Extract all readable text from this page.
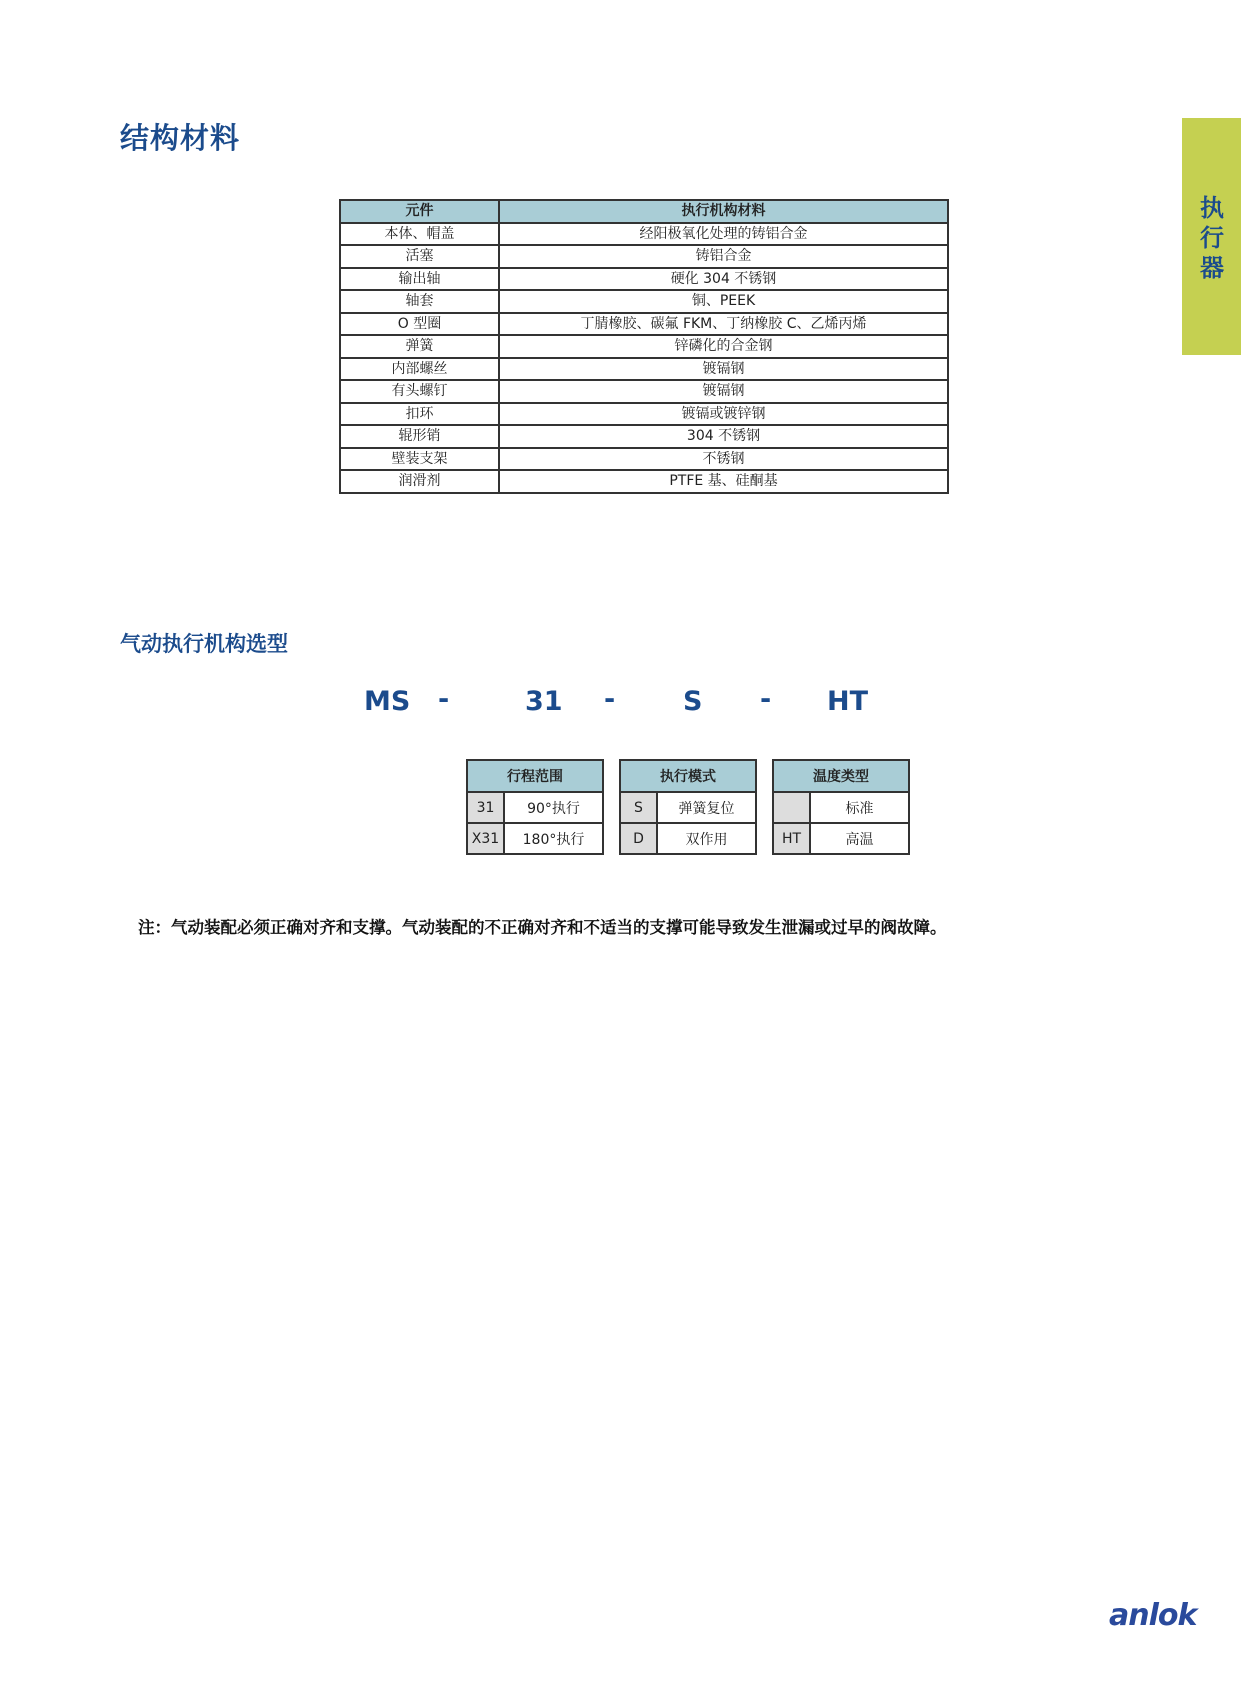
结构材料
执行器
元件	执行机构材料
本体、帽盖	经阳极氧化处理的铸铝合金
活塞	铸铝合金
输出轴	硬化 304 不锈钢
轴套	铜、PEEK
O 型圈	丁腈橡胶、碳氟 FKM、丁纳橡胶 C、乙烯丙烯
弹簧	锌磷化的合金钢
内部螺丝	镀镉钢
有头螺钉	镀镉钢
扣环	镀镉或镀锌钢
辊形销	304 不锈钢
壁装支架	不锈钢
润滑剂	PTFE 基、硅酮基
气动执行机构选型
MS -	31 -	S - HT
行程范围	
31	90°执行
X31	180°执行
执行模式	
S	弹簧复位
D	双作用
温度类型	
	标准
HT	高温
注：气动装配必须正确对齐和支撑。气动装配的不正确对齐和不适当的支撑可能导致发生泄漏或过早的阀故障。
anlok
